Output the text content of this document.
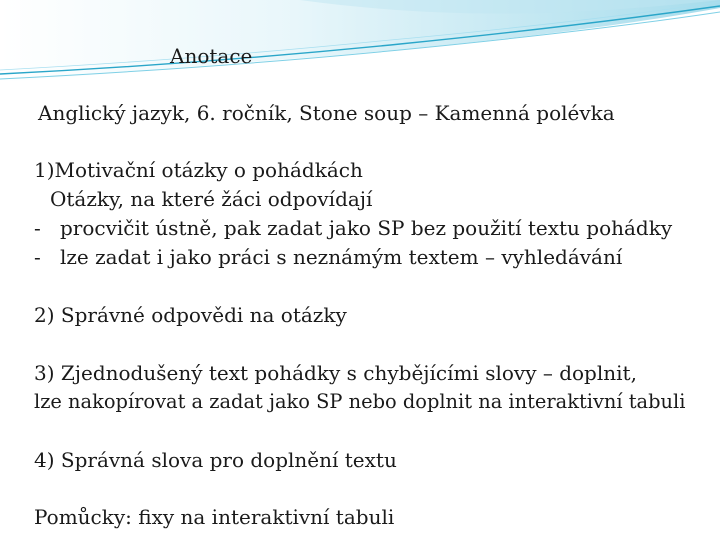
Anotace
Anglický jazyk, 6. ročník, Stone soup – Kamenná polévka
1)Motivační otázky o pohádkách
Otázky, na které žáci odpovídají
- procvičit ústně, pak zadat jako SP bez použití textu pohádky
- lze zadat i jako práci s neznámým textem – vyhledávání
2) Správné odpovědi na otázky
3) Zjednodušený text pohádky s chybějícími slovy – doplnit,
lze nakopírovat a zadat jako SP nebo doplnit na interaktivní tabuli
4) Správná slova pro doplnění textu
Pomůcky: fixy na interaktivní tabuli
